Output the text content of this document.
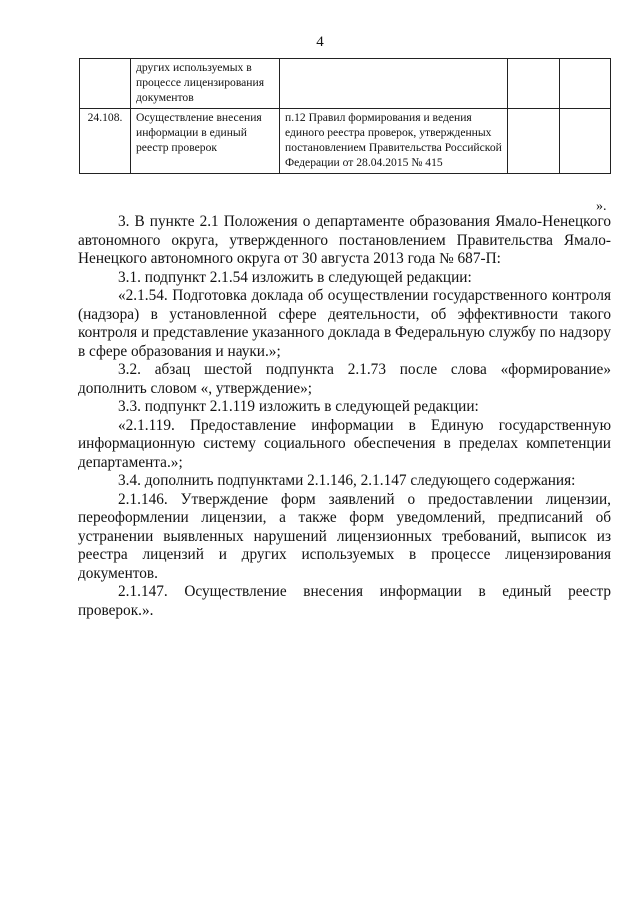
4
	других используемых в процессе лицензирования документов			
24.108.	Осуществление внесения информации в единый реестр проверок	п.12 Правил формирования и ведения единого реестра проверок, утвержденных постановлением Правительства Российской Федерации от 28.04.2015 № 415		
».

3. В пункте 2.1 Положения о департаменте образования Ямало-Ненецкого автономного округа, утвержденного постановлением Правительства Ямало-Ненецкого автономного округа от 30 августа 2013 года № 687-П:

3.1. подпункт 2.1.54 изложить в следующей редакции:

«2.1.54. Подготовка доклада об осуществлении государственного контроля (надзора) в установленной сфере деятельности, об эффективности такого контроля и представление указанного доклада в Федеральную службу по надзору в сфере образования и науки.»;

3.2. абзац шестой подпункта 2.1.73 после слова «формирование» дополнить словом «, утверждение»;

3.3. подпункт 2.1.119 изложить в следующей редакции:

«2.1.119. Предоставление информации в Единую государственную информационную систему социального обеспечения в пределах компетенции департамента.»;

3.4. дополнить подпунктами 2.1.146, 2.1.147 следующего содержания:

2.1.146. Утверждение форм заявлений о предоставлении лицензии, переоформлении лицензии, а также форм уведомлений, предписаний об устранении выявленных нарушений лицензионных требований, выписок из реестра лицензий и других используемых в процессе лицензирования документов.

2.1.147. Осуществление внесения информации в единый реестр проверок.».
